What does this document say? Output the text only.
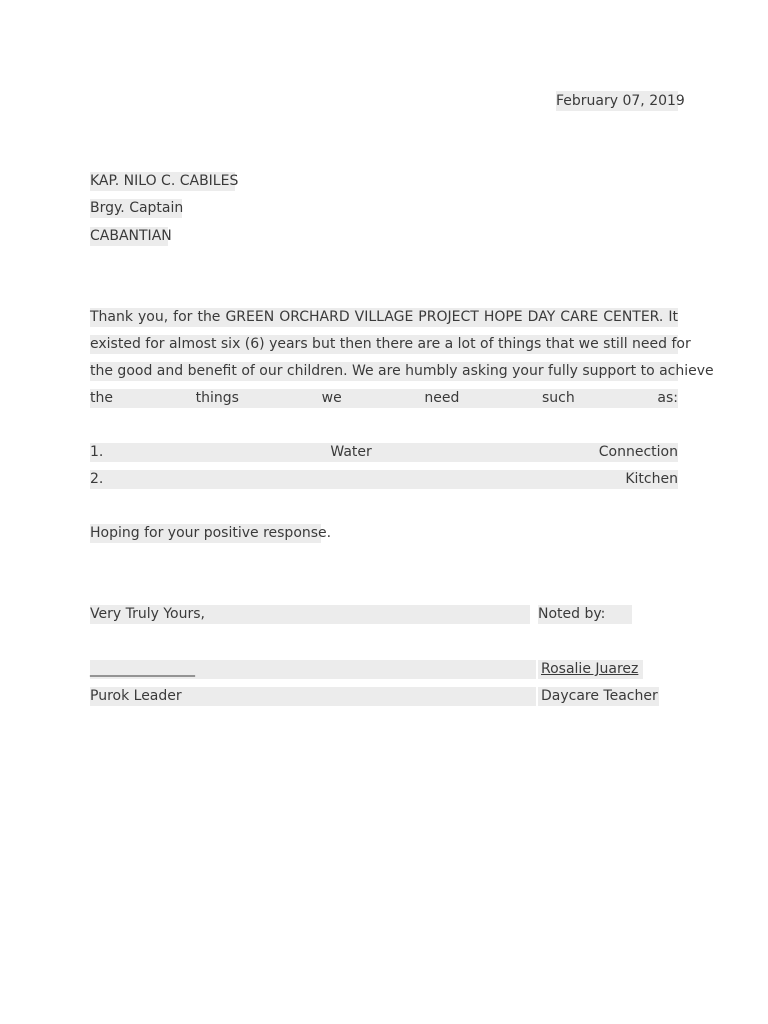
February 07, 2019
KAP. NILO C. CABILES
Brgy. Captain
CABANTIAN
Thank you, for the GREEN ORCHARD VILLAGE PROJECT HOPE DAY CARE CENTER. It
existed for almost six (6) years but then there are a lot of things that we still need for
the good and benefit of our children. We are humbly asking your fully support to achieve
the things we need such as:
1.	Water	Connection
2.	Kitchen
Hoping for your positive response.
Very Truly Yours,	Noted by:
_______________	Rosalie Juarez
Purok Leader	Daycare Teacher
